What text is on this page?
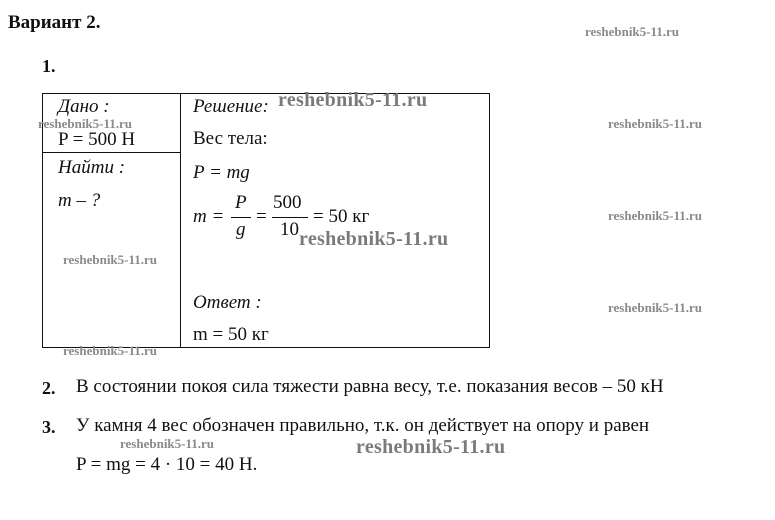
Вариант 2.
1.
Дано :
P = 500 Н
Найти :
m – ?
Решение:
Вес тела:
P = mg
m =
P
g
=
500
10
= 50 кг
Ответ :
m = 50 кг
2. В состоянии покоя сила тяжести равна весу, т.е. показания весов – 50 кН
3. У камня 4 вес обозначен правильно, т.к. он действует на опору и равен
P = mg = 4 · 10 = 40 Н.
reshebnik5-11.ru
reshebnik5-11.ru	reshebnik5-11.ru
reshebnik5-11.ru
reshebnik5-11.ru
reshebnik5-11.ru
reshebnik5-11.ru
reshebnik5-11.ru
reshebnik5-11.ru
reshebnik5-11.ru
reshebnik5-11.ru
